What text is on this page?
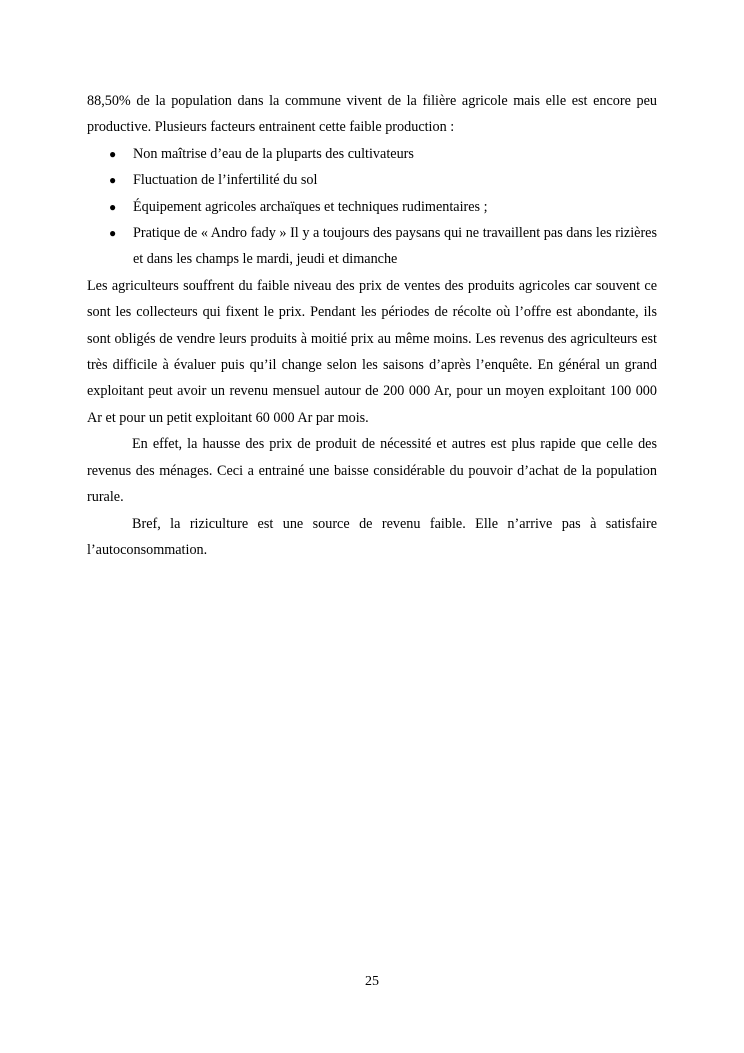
88,50% de la population dans la commune vivent de la filière agricole mais elle est encore peu productive. Plusieurs facteurs entrainent cette faible production :

● Non maîtrise d’eau de la pluparts des cultivateurs
● Fluctuation de l’infertilité du sol
● Équipement agricoles archaïques et techniques rudimentaires ;
● Pratique de « Andro fady » Il y a toujours des paysans qui ne travaillent pas dans les rizières et dans les champs le mardi, jeudi et dimanche

Les agriculteurs souffrent du faible niveau des prix de ventes des produits agricoles car souvent ce sont les collecteurs qui fixent le prix. Pendant les périodes de récolte où l’offre est abondante, ils sont obligés de vendre leurs produits à moitié prix au même moins. Les revenus des agriculteurs est très difficile à évaluer puis qu’il change selon les saisons d’après l’enquête. En général un grand exploitant peut avoir un revenu mensuel autour de 200 000 Ar, pour un moyen exploitant 100 000 Ar et pour un petit exploitant 60 000 Ar par mois.

En effet, la hausse des prix de produit de nécessité et autres est plus rapide que celle des revenus des ménages. Ceci a entrainé une baisse considérable du pouvoir d’achat de la population rurale.

Bref, la riziculture est une source de revenu faible. Elle n’arrive pas à satisfaire l’autoconsommation.

25
